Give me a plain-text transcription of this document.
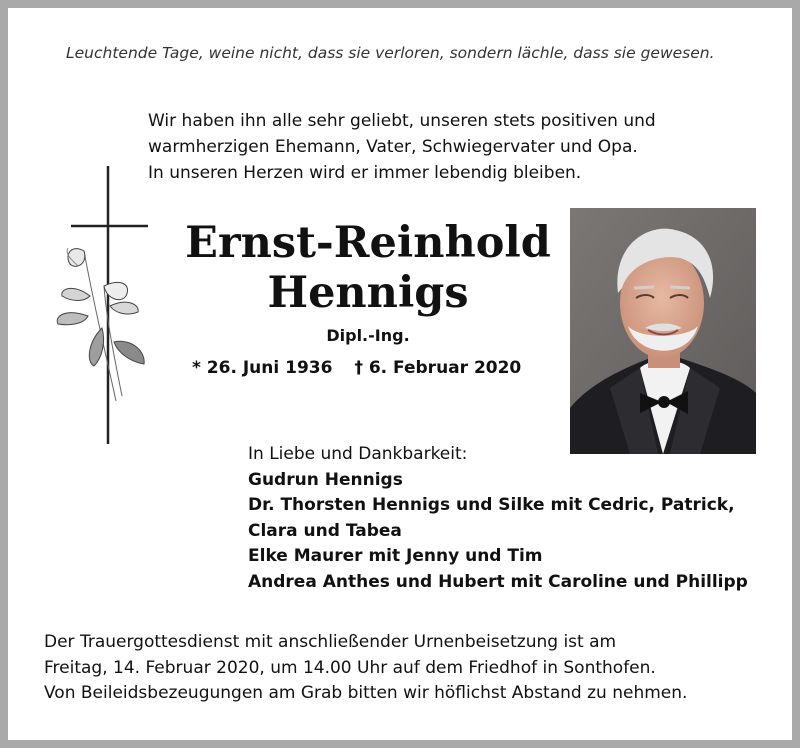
Leuchtende Tage, weine nicht, dass sie verloren, sondern lächle, dass sie gewesen.
Wir haben ihn alle sehr geliebt, unseren stets positiven und
warmherzigen Ehemann, Vater, Schwiegervater und Opa.
In unseren Herzen wird er immer lebendig bleiben.
Ernst-Reinhold
Hennigs
Dipl.-Ing.
* 26. Juni 1936 † 6. Februar 2020
In Liebe und Dankbarkeit:
Gudrun Hennigs
Dr. Thorsten Hennigs und Silke mit Cedric, Patrick,
Clara und Tabea
Elke Maurer mit Jenny und Tim
Andrea Anthes und Hubert mit Caroline und Phillipp
Der Trauergottesdienst mit anschließender Urnenbeisetzung ist am
Freitag, 14. Februar 2020, um 14.00 Uhr auf dem Friedhof in Sonthofen.
Von Beileidsbezeugungen am Grab bitten wir höflichst Abstand zu nehmen.
